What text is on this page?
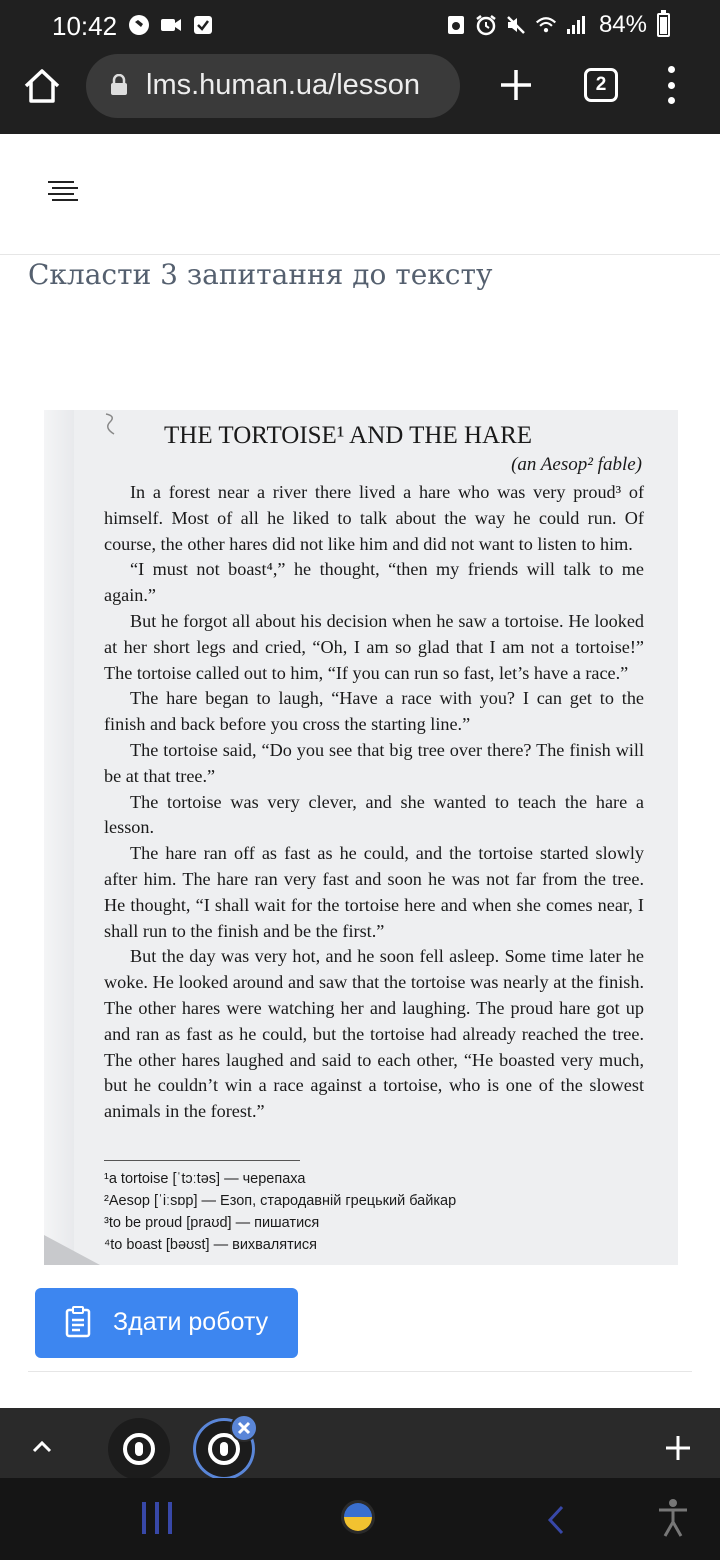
10:42	84%
lms.human.ua/lesson	2
Скласти 3 запитання до тексту
THE TORTOISE¹ AND THE HARE
(an Aesop² fable)

In a forest near a river there lived a hare who was very proud³ of himself. Most of all he liked to talk about the way he could run. Of course, the other hares did not like him and did not want to listen to him.

“I must not boast⁴,” he thought, “then my friends will talk to me again.”

But he forgot all about his decision when he saw a tortoise. He looked at her short legs and cried, “Oh, I am so glad that I am not a tortoise!” The tortoise called out to him, “If you can run so fast, let’s have a race.”

The hare began to laugh, “Have a race with you? I can get to the finish and back before you cross the starting line.”

The tortoise said, “Do you see that big tree over there? The finish will be at that tree.”

The tortoise was very clever, and she wanted to teach the hare a lesson.

The hare ran off as fast as he could, and the tortoise started slowly after him. The hare ran very fast and soon he was not far from the tree. He thought, “I shall wait for the tortoise here and when she comes near, I shall run to the finish and be the first.”

But the day was very hot, and he soon fell asleep. Some time later he woke. He looked around and saw that the tortoise was nearly at the finish. The other hares were watching her and laughing. The proud hare got up and ran as fast as he could, but the tortoise had already reached the tree. The other hares laughed and said to each other, “He boasted very much, but he couldn’t win a race against a tortoise, who is one of the slowest animals in the forest.”

¹a tortoise [ˈtɔːtəs] — черепаха
²Aesop [ˈiːsɒp] — Езоп, стародавній грецький байкар
³to be proud [praʊd] — пишатися
⁴to boast [bəʊst] — вихвалятися
Здати роботу
